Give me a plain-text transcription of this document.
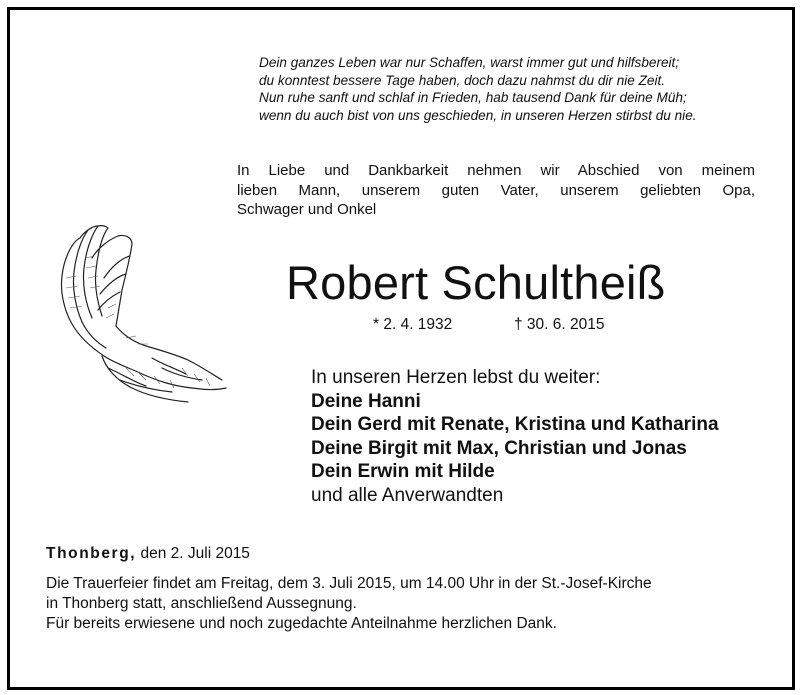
Dein ganzes Leben war nur Schaffen, warst immer gut und hilfsbereit;
du konntest bessere Tage haben, doch dazu nahmst du dir nie Zeit.
Nun ruhe sanft und schlaf in Frieden, hab tausend Dank für deine Müh;
wenn du auch bist von uns geschieden, in unseren Herzen stirbst du nie.
In Liebe und Dankbarkeit nehmen wir Abschied von meinem
lieben Mann, unserem guten Vater, unserem geliebten Opa,
Schwager und Onkel
Robert Schultheiß
* 2. 4. 1932	† 30. 6. 2015
In unseren Herzen lebst du weiter:
Deine Hanni
Dein Gerd mit Renate, Kristina und Katharina
Deine Birgit mit Max, Christian und Jonas
Dein Erwin mit Hilde
und alle Anverwandten
Thonberg, den 2. Juli 2015
Die Trauerfeier findet am Freitag, dem 3. Juli 2015, um 14.00 Uhr in der St.-Josef-Kirche
in Thonberg statt, anschließend Aussegnung.
Für bereits erwiesene und noch zugedachte Anteilnahme herzlichen Dank.
